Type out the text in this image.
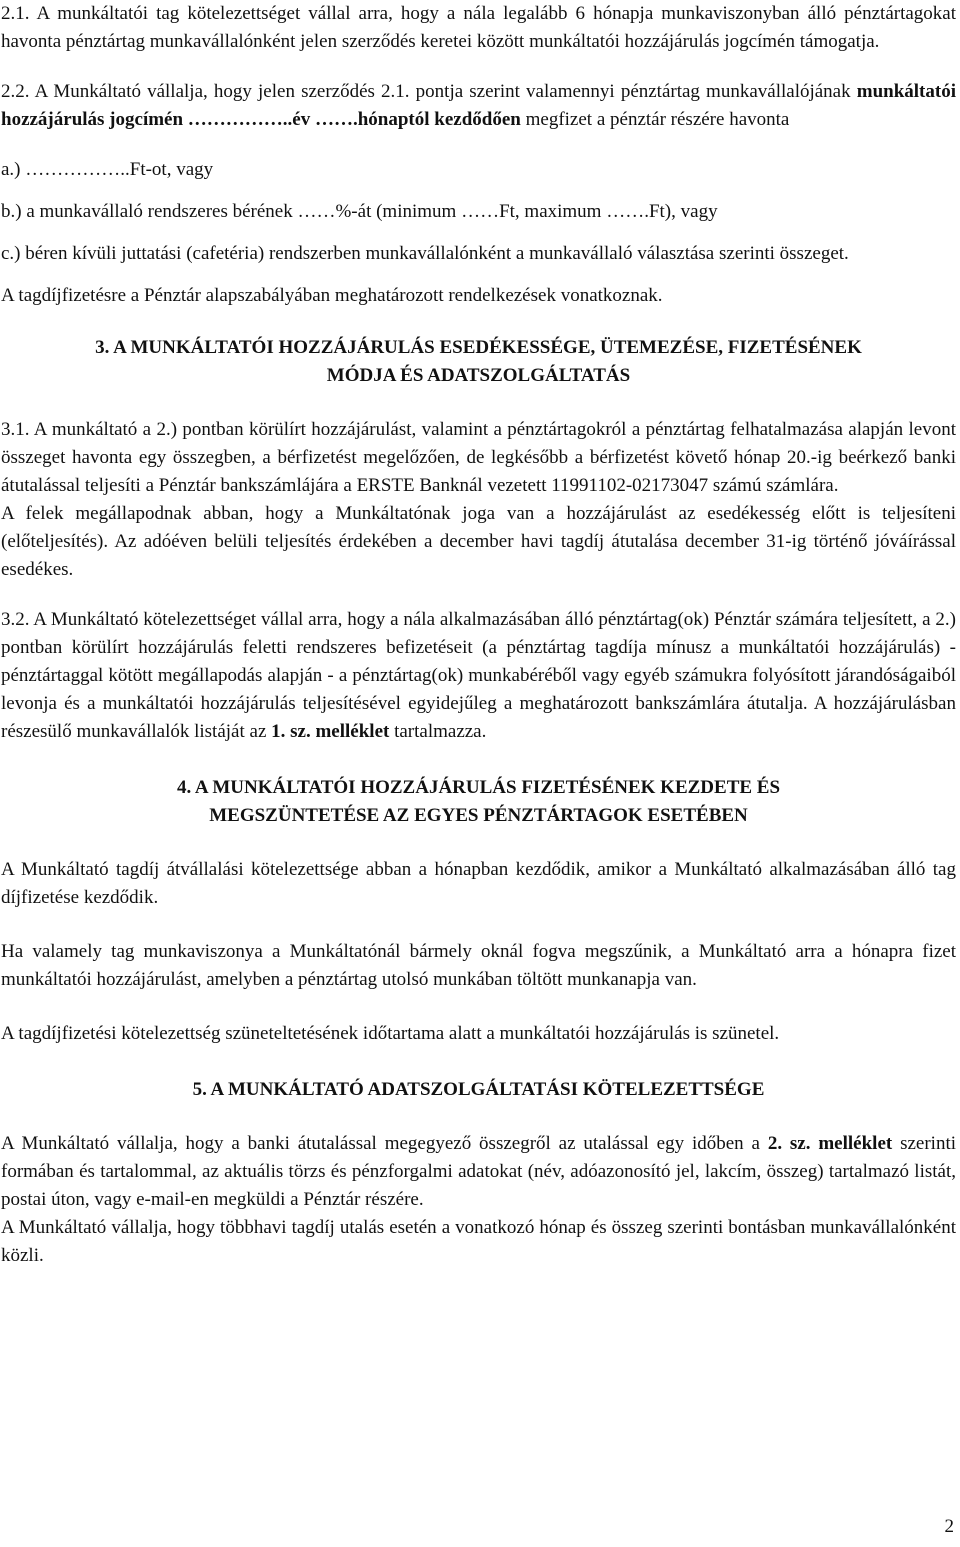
2.1. A munkáltatói tag kötelezettséget vállal arra, hogy a nála legalább 6 hónapja munkaviszonyban álló pénztártagokat havonta pénztártag munkavállalónként jelen szerződés keretei között munkáltatói hozzájárulás jogcímén támogatja.

2.2. A Munkáltató vállalja, hogy jelen szerződés 2.1. pontja szerint valamennyi pénztártag munkavállalójának munkáltatói hozzájárulás jogcímén ……………..év …….hónaptól kezdődően megfizet a pénztár részére havonta

a.) ……………..Ft-ot, vagy

b.) a munkavállaló rendszeres bérének ……%-át (minimum ……Ft, maximum …….Ft), vagy

c.) béren kívüli juttatási (cafetéria) rendszerben munkavállalónként a munkavállaló választása szerinti összeget.

A tagdíjfizetésre a Pénztár alapszabályában meghatározott rendelkezések vonatkoznak.

3. A MUNKÁLTATÓI HOZZÁJÁRULÁS ESEDÉKESSÉGE, ÜTEMEZÉSE, FIZETÉSÉNEK

MÓDJA ÉS ADATSZOLGÁLTATÁS

3.1. A munkáltató a 2.) pontban körülírt hozzájárulást, valamint a pénztártagokról a pénztártag felhatalmazása alapján levont összeget havonta egy összegben, a bérfizetést megelőzően, de legkésőbb a bérfizetést követő hónap 20.-ig beérkező banki átutalással teljesíti a Pénztár bankszámlájára a ERSTE Banknál vezetett 11991102-02173047 számú számlára.

A felek megállapodnak abban, hogy a Munkáltatónak joga van a hozzájárulást az esedékesség előtt is teljesíteni (előteljesítés). Az adóéven belüli teljesítés érdekében a december havi tagdíj átutalása december 31-ig történő jóváírással esedékes.

3.2. A Munkáltató kötelezettséget vállal arra, hogy a nála alkalmazásában álló pénztártag(ok) Pénztár számára teljesített, a 2.) pontban körülírt hozzájárulás feletti rendszeres befizetéseit (a pénztártag tagdíja mínusz a munkáltatói hozzájárulás) - pénztártaggal kötött megállapodás alapján - a pénztártag(ok) munkabéréből vagy egyéb számukra folyósított járandóságaiból levonja és a munkáltatói hozzájárulás teljesítésével egyidejűleg a meghatározott bankszámlára átutalja. A hozzájárulásban részesülő munkavállalók listáját az 1. sz. melléklet tartalmazza.

4. A MUNKÁLTATÓI HOZZÁJÁRULÁS FIZETÉSÉNEK KEZDETE ÉS

MEGSZÜNTETÉSE AZ EGYES PÉNZTÁRTAGOK ESETÉBEN

A Munkáltató tagdíj átvállalási kötelezettsége abban a hónapban kezdődik, amikor a Munkáltató alkalmazásában álló tag díjfizetése kezdődik.

Ha valamely tag munkaviszonya a Munkáltatónál bármely oknál fogva megszűnik, a Munkáltató arra a hónapra fizet munkáltatói hozzájárulást, amelyben a pénztártag utolsó munkában töltött munkanapja van.

A tagdíjfizetési kötelezettség szüneteltetésének időtartama alatt a munkáltatói hozzájárulás is szünetel.

5. A MUNKÁLTATÓ ADATSZOLGÁLTATÁSI KÖTELEZETTSÉGE

A Munkáltató vállalja, hogy a banki átutalással megegyező összegről az utalással egy időben a 2. sz. melléklet szerinti formában és tartalommal, az aktuális törzs és pénzforgalmi adatokat (név, adóazonosító jel, lakcím, összeg) tartalmazó listát, postai úton, vagy e-mail-en megküldi a Pénztár részére.

A Munkáltató vállalja, hogy többhavi tagdíj utalás esetén a vonatkozó hónap és összeg szerinti bontásban munkavállalónként közli.

2
